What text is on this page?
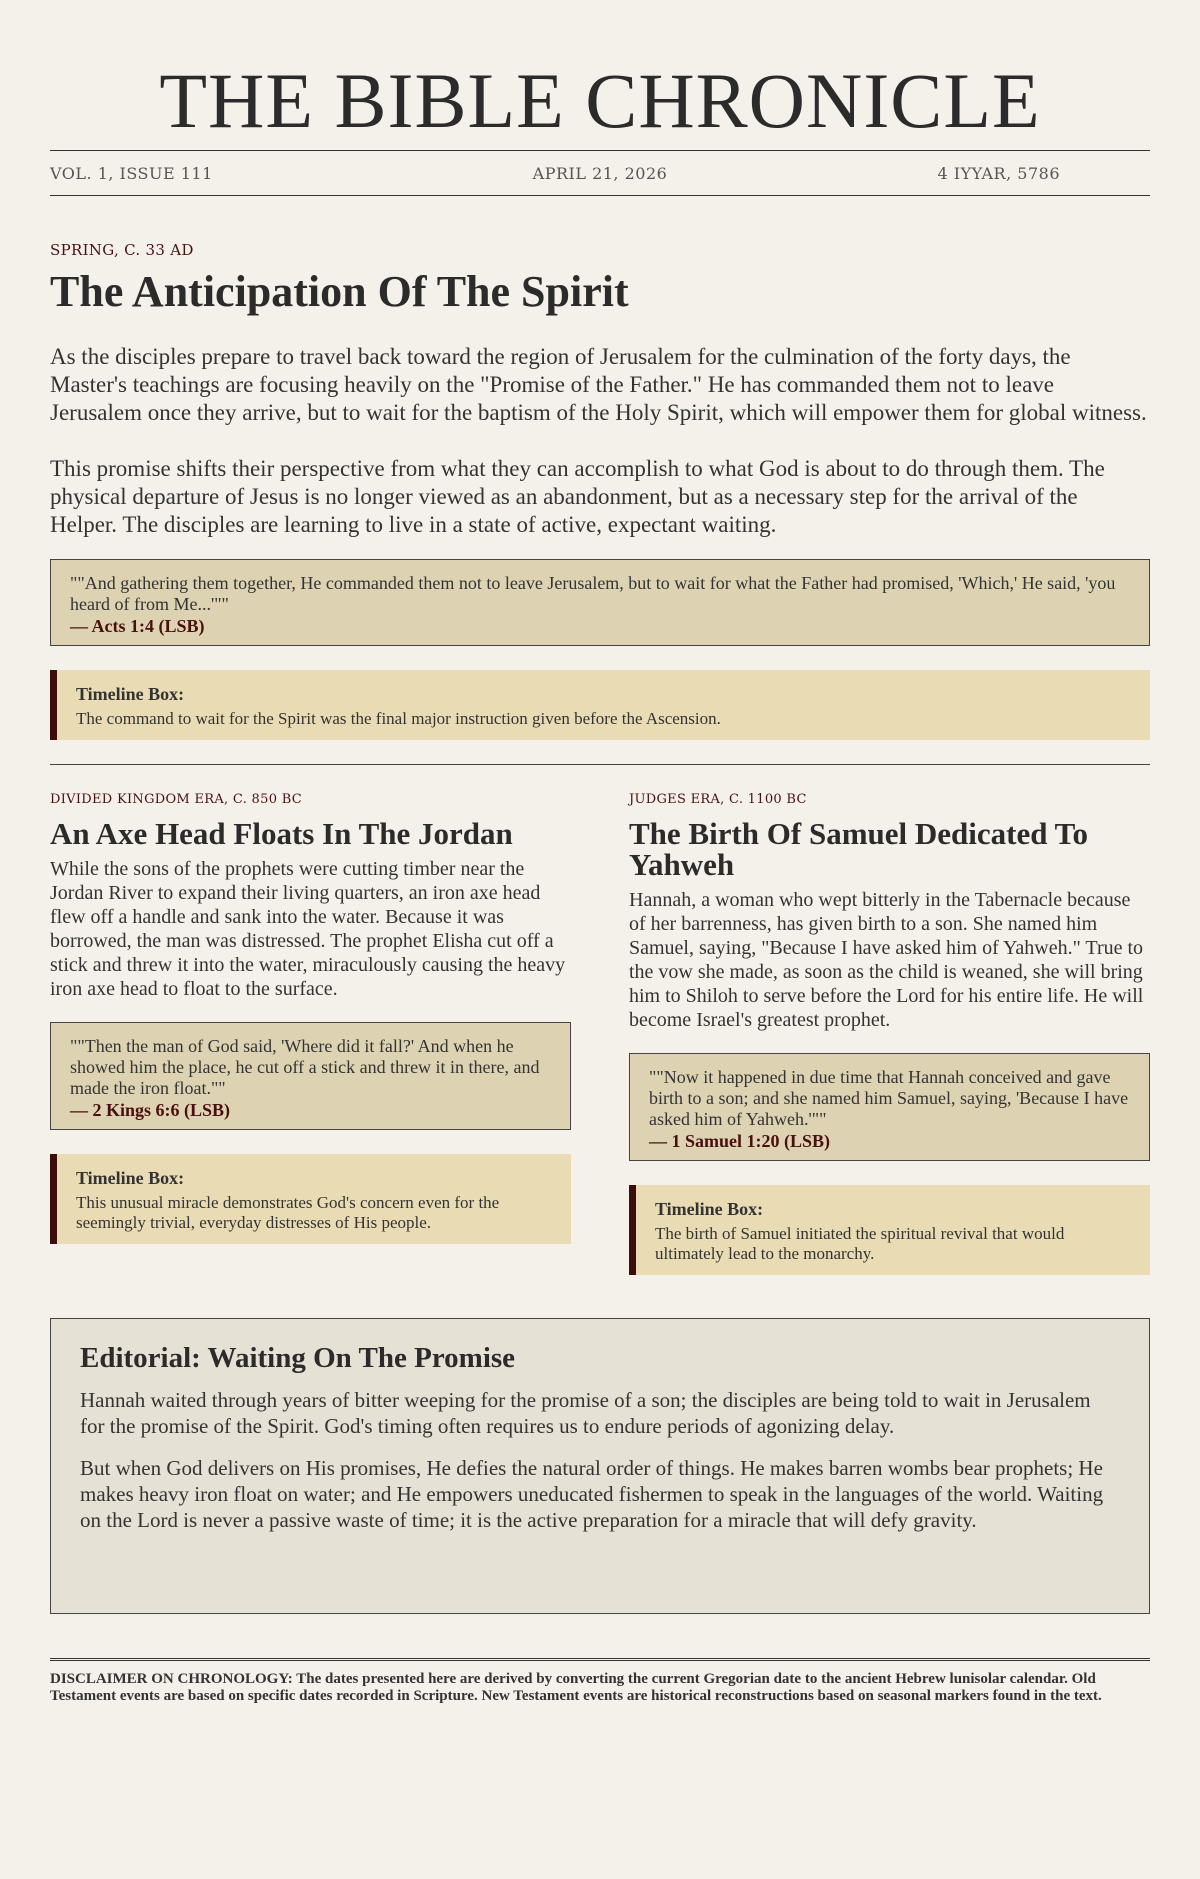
THE BIBLE CHRONICLE
VOL. 1, ISSUE 111	APRIL 21, 2026	4 IYYAR, 5786
SPRING, C. 33 AD
The Anticipation Of The Spirit

As the disciples prepare to travel back toward the region of Jerusalem for the culmination of the forty days, the Master's teachings are focusing heavily on the "Promise of the Father." He has commanded them not to leave Jerusalem once they arrive, but to wait for the baptism of the Holy Spirit, which will empower them for global witness.

This promise shifts their perspective from what they can accomplish to what God is about to do through them. The physical departure of Jesus is no longer viewed as an abandonment, but as a necessary step for the arrival of the Helper. The disciples are learning to live in a state of active, expectant waiting.

""And gathering them together, He commanded them not to leave Jerusalem, but to wait for what the Father had promised, 'Which,' He said, 'you heard of from Me...'""
— Acts 1:4 (LSB)
Timeline Box:
The command to wait for the Spirit was the final major instruction given before the Ascension.
DIVIDED KINGDOM ERA, C. 850 BC
An Axe Head Floats In The Jordan

While the sons of the prophets were cutting timber near the Jordan River to expand their living quarters, an iron axe head flew off a handle and sank into the water. Because it was borrowed, the man was distressed. The prophet Elisha cut off a stick and threw it into the water, miraculously causing the heavy iron axe head to float to the surface.

""Then the man of God said, 'Where did it fall?' And when he showed him the place, he cut off a stick and threw it in there, and made the iron float.""
— 2 Kings 6:6 (LSB)
Timeline Box:
This unusual miracle demonstrates God's concern even for the seemingly trivial, everyday distresses of His people.
JUDGES ERA, C. 1100 BC
The Birth Of Samuel Dedicated To Yahweh

Hannah, a woman who wept bitterly in the Tabernacle because of her barrenness, has given birth to a son. She named him Samuel, saying, "Because I have asked him of Yahweh." True to the vow she made, as soon as the child is weaned, she will bring him to Shiloh to serve before the Lord for his entire life. He will become Israel's greatest prophet.

""Now it happened in due time that Hannah conceived and gave birth to a son; and she named him Samuel, saying, 'Because I have asked him of Yahweh.'""
— 1 Samuel 1:20 (LSB)
Timeline Box:
The birth of Samuel initiated the spiritual revival that would ultimately lead to the monarchy.
Editorial: Waiting On The Promise

Hannah waited through years of bitter weeping for the promise of a son; the disciples are being told to wait in Jerusalem for the promise of the Spirit. God's timing often requires us to endure periods of agonizing delay.

But when God delivers on His promises, He defies the natural order of things. He makes barren wombs bear prophets; He makes heavy iron float on water; and He empowers uneducated fishermen to speak in the languages of the world. Waiting on the Lord is never a passive waste of time; it is the active preparation for a miracle that will defy gravity.

DISCLAIMER ON CHRONOLOGY: The dates presented here are derived by converting the current Gregorian date to the ancient Hebrew lunisolar calendar. Old Testament events are based on specific dates recorded in Scripture. New Testament events are historical reconstructions based on seasonal markers found in the text.
